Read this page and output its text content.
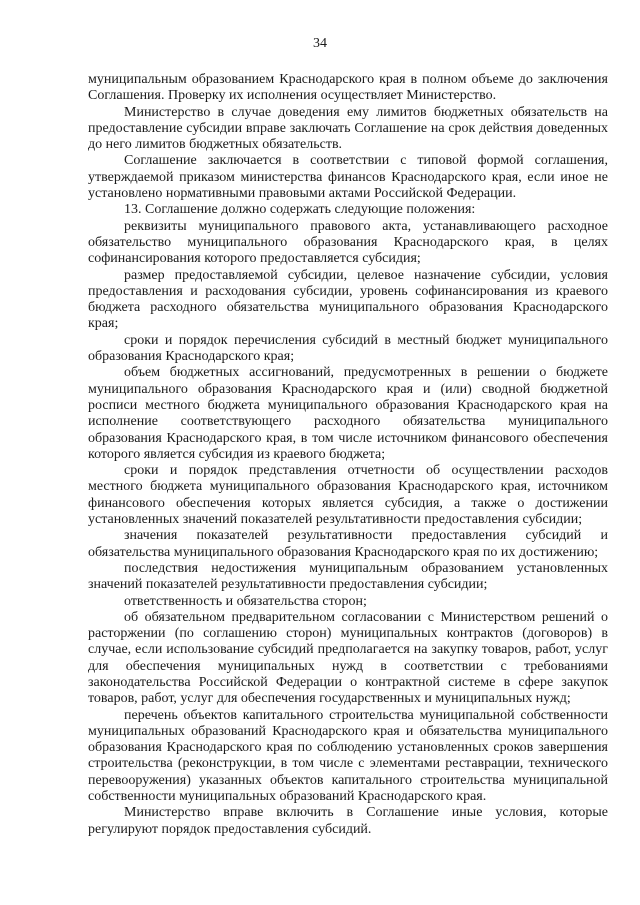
34

муниципальным образованием Краснодарского края в полном объеме до заключения Соглашения. Проверку их исполнения осуществляет Министерство.

Министерство в случае доведения ему лимитов бюджетных обязательств на предоставление субсидии вправе заключать Соглашение на срок действия доведенных до него лимитов бюджетных обязательств.

Соглашение заключается в соответствии с типовой формой соглашения, утверждаемой приказом министерства финансов Краснодарского края, если иное не установлено нормативными правовыми актами Российской Федерации.

13. Соглашение должно содержать следующие положения:

реквизиты муниципального правового акта, устанавливающего расходное обязательство муниципального образования Краснодарского края, в целях софинансирования которого предоставляется субсидия;

размер предоставляемой субсидии, целевое назначение субсидии, условия предоставления и расходования субсидии, уровень софинансирования из краевого бюджета расходного обязательства муниципального образования Краснодарского края;

сроки и порядок перечисления субсидий в местный бюджет муниципального образования Краснодарского края;

объем бюджетных ассигнований, предусмотренных в решении о бюджете муниципального образования Краснодарского края и (или) сводной бюджетной росписи местного бюджета муниципального образования Краснодарского края на исполнение соответствующего расходного обязательства муниципального образования Краснодарского края, в том числе источником финансового обеспечения которого является субсидия из краевого бюджета;

сроки и порядок представления отчетности об осуществлении расходов местного бюджета муниципального образования Краснодарского края, источником финансового обеспечения которых является субсидия, а также о достижении установленных значений показателей результативности предоставления субсидии;

значения показателей результативности предоставления субсидий и обязательства муниципального образования Краснодарского края по их достижению;

последствия недостижения муниципальным образованием установленных значений показателей результативности предоставления субсидии;

ответственность и обязательства сторон;

об обязательном предварительном согласовании с Министерством решений о расторжении (по соглашению сторон) муниципальных контрактов (договоров) в случае, если использование субсидий предполагается на закупку товаров, работ, услуг для обеспечения муниципальных нужд в соответствии с требованиями законодательства Российской Федерации о контрактной системе в сфере закупок товаров, работ, услуг для обеспечения государственных и муниципальных нужд;

перечень объектов капитального строительства муниципальной собственности муниципальных образований Краснодарского края и обязательства муниципального образования Краснодарского края по соблюдению установленных сроков завершения строительства (реконструкции, в том числе с элементами реставрации, технического перевооружения) указанных объектов капитального строительства муниципальной собственности муниципальных образований Краснодарского края.

Министерство вправе включить в Соглашение иные условия, которые регулируют порядок предоставления субсидий.
